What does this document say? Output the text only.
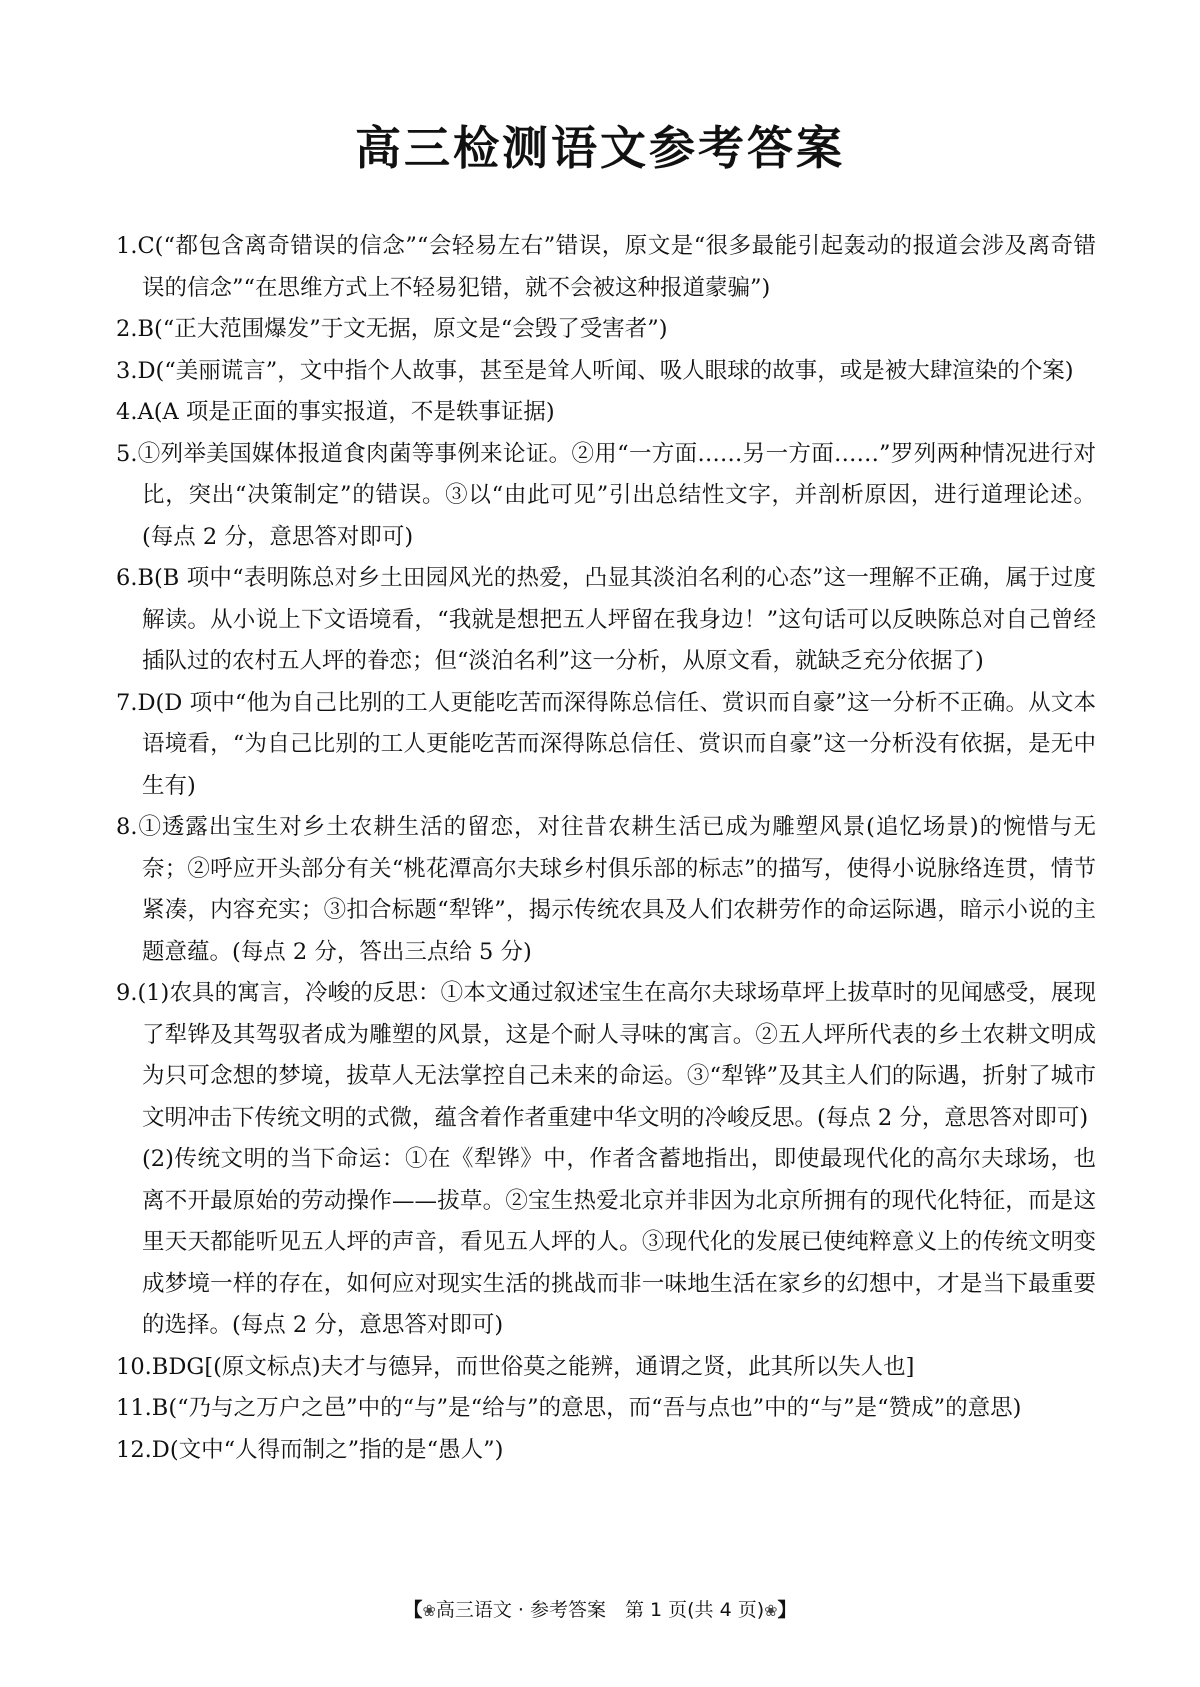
高三检测语文参考答案
1.C(“都包含离奇错误的信念”“会轻易左右”错误，原文是“很多最能引起轰动的报道会涉及离奇错误的信念”“在思维方式上不轻易犯错，就不会被这种报道蒙骗”)
2.B(“正大范围爆发”于文无据，原文是“会毁了受害者”)
3.D(“美丽谎言”，文中指个人故事，甚至是耸人听闻、吸人眼球的故事，或是被大肆渲染的个案)
4.A(A 项是正面的事实报道，不是轶事证据)
5.①列举美国媒体报道食肉菌等事例来论证。②用“一方面……另一方面……”罗列两种情况进行对比，突出“决策制定”的错误。③以“由此可见”引出总结性文字，并剖析原因，进行道理论述。(每点 2 分，意思答对即可)
6.B(B 项中“表明陈总对乡土田园风光的热爱，凸显其淡泊名利的心态”这一理解不正确，属于过度解读。从小说上下文语境看，“我就是想把五人坪留在我身边！”这句话可以反映陈总对自己曾经插队过的农村五人坪的眷恋；但“淡泊名利”这一分析，从原文看，就缺乏充分依据了)
7.D(D 项中“他为自己比别的工人更能吃苦而深得陈总信任、赏识而自豪”这一分析不正确。从文本语境看，“为自己比别的工人更能吃苦而深得陈总信任、赏识而自豪”这一分析没有依据，是无中生有)
8.①透露出宝生对乡土农耕生活的留恋，对往昔农耕生活已成为雕塑风景(追忆场景)的惋惜与无奈；②呼应开头部分有关“桃花潭高尔夫球乡村俱乐部的标志”的描写，使得小说脉络连贯，情节紧凑，内容充实；③扣合标题“犁铧”，揭示传统农具及人们农耕劳作的命运际遇，暗示小说的主题意蕴。(每点 2 分，答出三点给 5 分)
9.(1)农具的寓言，冷峻的反思：①本文通过叙述宝生在高尔夫球场草坪上拔草时的见闻感受，展现了犁铧及其驾驭者成为雕塑的风景，这是个耐人寻味的寓言。②五人坪所代表的乡土农耕文明成为只可念想的梦境，拔草人无法掌控自己未来的命运。③“犁铧”及其主人们的际遇，折射了城市文明冲击下传统文明的式微，蕴含着作者重建中华文明的冷峻反思。(每点 2 分，意思答对即可)
(2)传统文明的当下命运：①在《犁铧》中，作者含蓄地指出，即使最现代化的高尔夫球场，也离不开最原始的劳动操作——拔草。②宝生热爱北京并非因为北京所拥有的现代化特征，而是这里天天都能听见五人坪的声音，看见五人坪的人。③现代化的发展已使纯粹意义上的传统文明变成梦境一样的存在，如何应对现实生活的挑战而非一味地生活在家乡的幻想中，才是当下最重要的选择。(每点 2 分，意思答对即可)
10.BDG[(原文标点)夫才与德异，而世俗莫之能辨，通谓之贤，此其所以失人也]
11.B(“乃与之万户之邑”中的“与”是“给与”的意思，而“吾与点也”中的“与”是“赞成”的意思)
12.D(文中“人得而制之”指的是“愚人”)
【❀高三语文 · 参考答案　第 1 页(共 4 页)❀】
